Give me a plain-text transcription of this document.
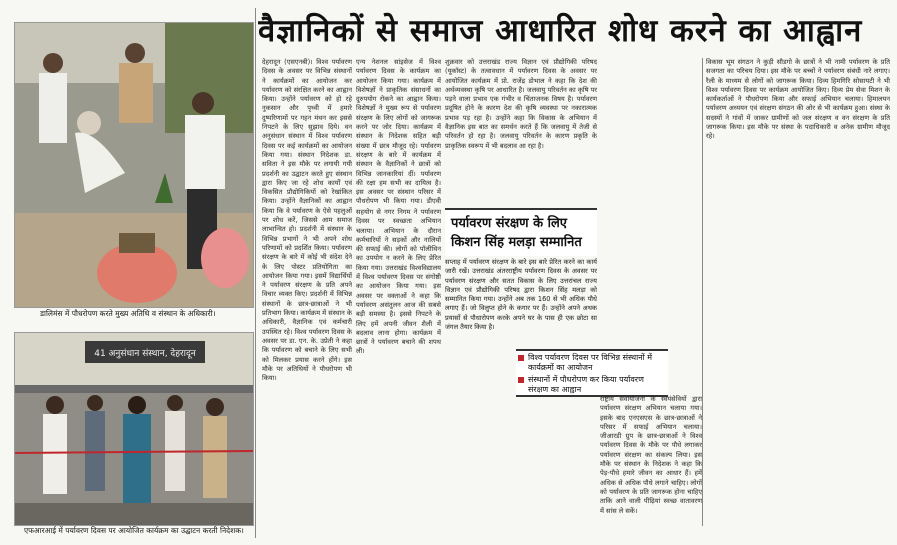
डालिमंस में पौधरोपण करते मुख्य अतिथि व संस्थान के अधिकारी।
41 अनुसंधान संस्थान, देहरादून
एफआरआई में पर्यावरण दिवस पर आयोजित कार्यक्रम का उद्घाटन करती निदेशक।
वैज्ञानिकों से समाज आधारित शोध करने का आह्वान
देहरादून (एसएनबी)। विश्व पर्यावरण दिवस के अवसर पर विभिन्न संस्थानों ने कार्यक्रमों का आयोजन कर पर्यावरण को संरक्षित करने का आह्वान किया। उन्होंने पर्यावरण को हो रहे नुकसान और पृथ्वी में हमारे दुष्परिणामों पर गहन मंथन कर इससे निपटने के लिए सुझाव दिये। वन अनुसंधान संस्थान में विश्व पर्यावरण दिवस पर कई कार्यक्रमों का आयोजन किया गया। संस्थान निदेशक डा. सविता ने इस मौके पर लगायी गयी प्रदर्शनी का उद्घाटन करते हुए संस्थान द्वारा किए जा रहे शोध कार्यों एवं विकसित प्रौद्योगिकियों को रेखांकित किया। उन्होंने वैज्ञानिकों का आह्वान किया कि वे पर्यावरण के ऐसे पहलुओं पर शोध करें, जिससे आम समाज लाभान्वित हो। प्रदर्शनी में संस्थान के विभिन्न प्रभागों ने भी अपने शोध परिणामों को प्रदर्शित किया। पर्यावरण संरक्षण के बारे में कोई भी संदेश देने के लिए पोस्टर प्रतियोगिता का आयोजन किया गया। इसमें विद्यार्थियों ने पर्यावरण संरक्षण के प्रति अपने विचार व्यक्त किए। प्रदर्शनी में विभिन्न संस्थानों के छात्र-छात्राओं ने भी प्रतिभाग किया। कार्यक्रम में संस्थान के अधिकारी, वैज्ञानिक एवं कर्मचारी उपस्थित रहे। विश्व पर्यावरण दिवस के अवसर पर डा. एन. के. उप्रेती ने कहा कि पर्यावरण को बचाने के लिए सभी को मिलकर प्रयास करने होंगे। इस मौके पर अतिथियों ने पौधरोपण भी किया।
एन्य नेशनल सांइसेज में विश्व पर्यावरण दिवस के कार्यक्रम का आयोजन किया गया। कार्यक्रम में विशेषज्ञों ने प्राकृतिक संसाधनों का दुरुपयोग रोकने का आह्वान किया। विशेषज्ञों ने मुख्य रूप से पर्यावरण संरक्षण के लिए लोगों को जागरूक करने पर जोर दिया। कार्यक्रम में संस्थान के निदेशक सहित बड़ी संख्या में छात्र मौजूद रहे। पर्यावरण संरक्षण के बारे में कार्यक्रम में संस्थान के वैज्ञानिकों ने छात्रों को विभिन्न जानकारियां दीं। पर्यावरण की रक्षा हम सभी का दायित्व है। इस अवसर पर संस्थान परिसर में पौधरोपण भी किया गया। डीएवी
सहयोग से नगर निगम ने पर्यावरण दिवस पर स्वच्छता अभियान चलाया। अभियान के दौरान कर्मचारियों ने सड़कों और नालियों की सफाई की। लोगों को पॉलीथिन का उपयोग न करने के लिए प्रेरित किया गया। उत्तराखंड विश्वविद्यालय में विश्व पर्यावरण दिवस पर संगोष्ठी का आयोजन किया गया। इस अवसर पर वक्ताओं ने कहा कि पर्यावरण असंतुलन आज की सबसे बड़ी समस्या है। इससे निपटने के लिए हमें अपनी जीवन शैली में बदलाव लाना होगा। कार्यक्रम में छात्रों ने पर्यावरण बचाने की शपथ ली।
शुक्रवार को उत्तराखंड राज्य विज्ञान एवं प्रौद्योगिकी परिषद (यूकॉस्ट) के तत्वावधान में पर्यावरण दिवस के अवसर पर आयोजित कार्यक्रम में प्रो. राजेंद्र डोभाल ने कहा कि देश की अर्थव्यवस्था कृषि पर आधारित है। जलवायु परिवर्तन का कृषि पर पड़ने वाला प्रभाव एक गंभीर व चिंताजनक विषय है। पर्यावरण प्रदूषित होने के कारण देश की कृषि व्यवस्था पर नकारात्मक प्रभाव पड़ रहा है। उन्होंने कहा कि विकास के अभियान में वैज्ञानिक इस बात का समर्थन करते हैं कि जलवायु में तेजी से परिवर्तन हो रहा है। जलवायु परिवर्तन के कारण प्रकृति के प्राकृतिक स्वरूप में भी बदलाव आ रहा है।
पर्यावरण संरक्षण के लिए किशन सिंह मलड़ा सम्मानित
सप्ताह में पर्यावरण संरक्षण के बारे इस बारे प्रेरित करने का कार्य जारी रखें। उत्तराखंड अंतरराष्ट्रीय पर्यावरण दिवस के अवसर पर पर्यावरण संरक्षण और सतत विकास के लिए उत्तरांचल राज्य विज्ञान एवं प्रौद्योगिकी परिषद द्वारा किशन सिंह मलड़ा को सम्मानित किया गया। उन्होंने अब तक 160 से भी अधिक पौधे लगाए हैं। जो विलुप्त होने के कगार पर हैं। उन्होंने अपने अथक प्रयासों से पौधारोपण करके अपने घर के पास ही एक छोटा सा जंगल तैयार किया है।
विश्व पर्यावरण दिवस पर विभिन्न संस्थानों में कार्यक्रमों का आयोजन
संस्थानों में पौधरोपण कर किया पर्यावरण संरक्षण का आह्वान
राष्ट्रीय सेवायोजना के स्वयंसेवियों द्वारा पर्यावरण संरक्षण अभियान चलाया गया। इसके बाद एनएसएस के छात्र-छात्राओं ने परिसर में सफाई अभियान चलाया। जीआरडी ग्रुप के छात्र-छात्राओं ने विश्व पर्यावरण दिवस के मौके पर पौधे लगाकर पर्यावरण संरक्षण का संकल्प लिया। इस मौके पर संस्थान के निदेशक ने कहा कि पेड़-पौधे हमारे जीवन का आधार हैं। हमें अधिक से अधिक पौधे लगाने चाहिए। लोगों को पर्यावरण के प्रति जागरूक होना चाहिए ताकि आने वाली पीढ़ियां स्वच्छ वातावरण में सांस ले सकें।
विकास भूम संगठन ने कुड़ी सौडगो के छात्रों ने भी नामी पर्यावरण के प्रति सजगता का परिचय दिया। इस मौके पर बच्चों ने पर्यावरण संबंधी नारे लगाए। रैली के माध्यम से लोगों को जागरूक किया। दिव्य हिमगिरि सोसायटी ने भी विश्व पर्यावरण दिवस पर कार्यक्रम आयोजित किए। दिव्य प्रेम सेवा मिशन के कार्यकर्ताओं ने पौधरोपण किया और सफाई अभियान चलाया। हिमालयन पर्यावरण अध्ययन एवं संरक्षण संगठन की ओर से भी कार्यक्रम हुआ। संस्था के सदस्यों ने गांवों में जाकर ग्रामीणों को जल संरक्षण व वन संरक्षण के प्रति जागरूक किया। इस मौके पर संस्था के पदाधिकारी व अनेक ग्रामीण मौजूद रहे।
